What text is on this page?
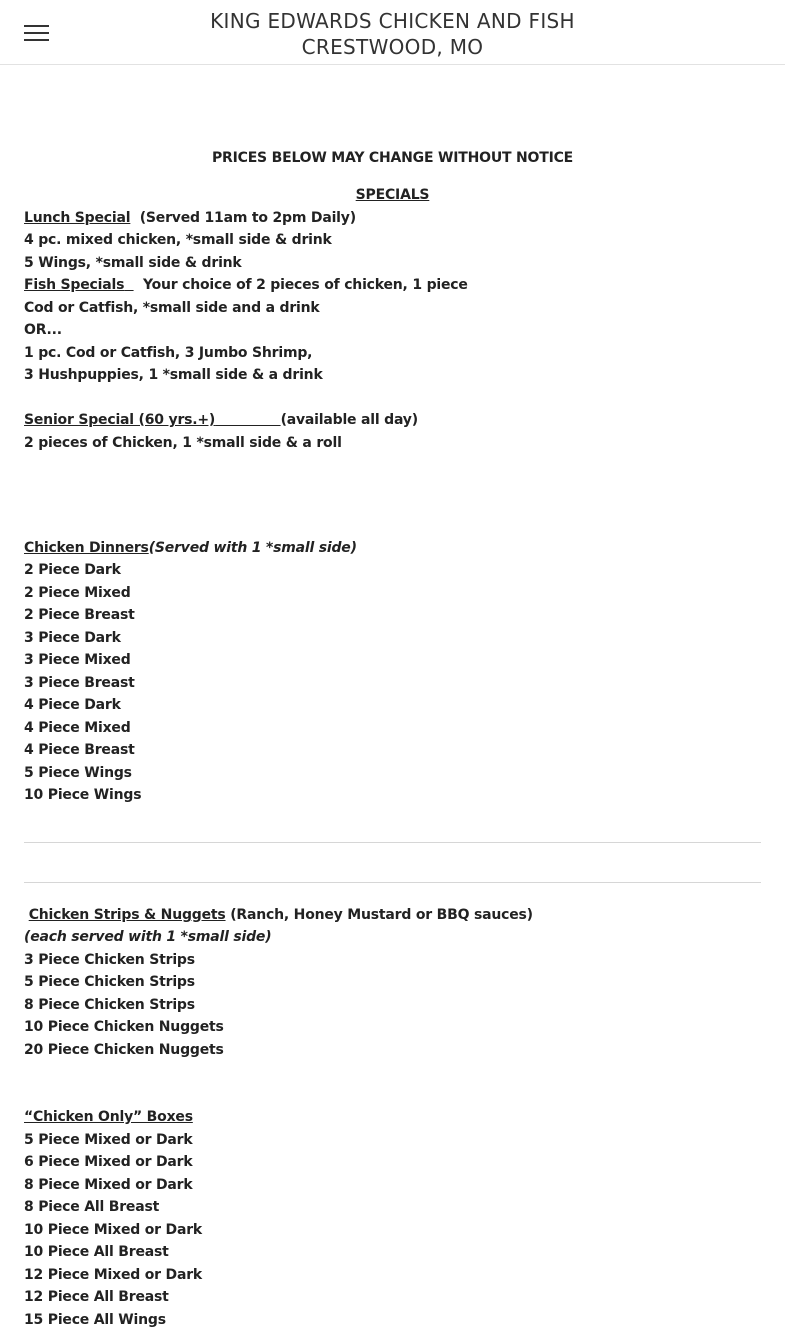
KING EDWARDS CHICKEN AND FISH
CRESTWOOD, MO
PRICES BELOW MAY CHANGE WITHOUT NOTICE
SPECIALS
Lunch Special (Served 11am to 2pm Daily)
4 pc. mixed chicken, *small side & drink
5 Wings, *small side & drink
Fish Specials Your choice of 2 pieces of chicken, 1 piece
Cod or Catfish, *small side and a drink
OR...
1 pc. Cod or Catfish, 3 Jumbo Shrimp,
3 Hushpuppies, 1 *small side & a drink
Senior Special (60 yrs.+)	(available all day)
2 pieces of Chicken, 1 *small side & a roll
Chicken Dinners(Served with 1 *small side)
2 Piece Dark
2 Piece Mixed
2 Piece Breast
3 Piece Dark
3 Piece Mixed
3 Piece Breast
4 Piece Dark
4 Piece Mixed
4 Piece Breast
5 Piece Wings
10 Piece Wings
Chicken Strips & Nuggets (Ranch, Honey Mustard or BBQ sauces)
(each served with 1 *small side)
3 Piece Chicken Strips
5 Piece Chicken Strips
8 Piece Chicken Strips
10 Piece Chicken Nuggets
20 Piece Chicken Nuggets
“Chicken Only” Boxes
5 Piece Mixed or Dark
6 Piece Mixed or Dark
8 Piece Mixed or Dark
8 Piece All Breast
10 Piece Mixed or Dark
10 Piece All Breast
12 Piece Mixed or Dark
12 Piece All Breast
15 Piece All Wings
